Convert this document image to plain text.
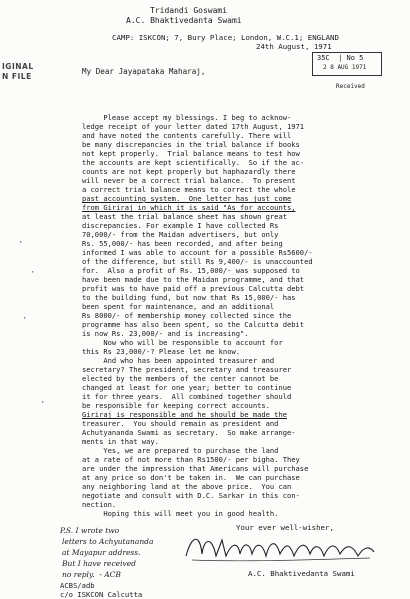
Tridandi Goswami
A.C. Bhaktivedanta Swami
IGINAL
N FILE
CAMP: ISKCON; 7, Bury Place; London, W.C.1; ENGLAND
24th August, 1971
35C  | No 5
2 8 AUG 1971
Received
My Dear Jayapataka Maharaj,
Please accept my blessings. I beg to acknow-
ledge receipt of your letter dated 17th August, 1971
and have noted the contents carefully. There will
be many discrepancies in the trial balance if books
not kept properly.  Trial balance means to test how
the accounts are kept scientifically.  So if the ac-
counts are not kept properly but haphazardly there
will never be a correct trial balance.  To present
a correct trial balance means to correct the whole
past accounting system.  One letter has just come
from Giriraj in which it is said "As for accounts,
at least the trial balance sheet has shown great
discrepancies. For example I have collected Rs
70,000/- from the Maidan advertisers, but only
Rs. 55,000/- has been recorded, and after being
informed I was able to account for a possible Rs5600/-
of the difference, but still Rs 9,400/- is unaccounted
for.  Also a profit of Rs. 15,000/- was supposed to
have been made due to the Maidan programme, and that
profit was to have paid off a previous Calcutta debt
to the building fund, but now that Rs 15,000/- has
been spent for maintenance, and an additional
Rs 8000/- of membership money collected since the
programme has also been spent, so the Calcutta debit
is now Rs. 23,000/- and is increasing".
Now who will be responsible to account for
this Rs 23,000/-? Please let me know.
And who has been appointed treasurer and
secretary? The president, secretary and treasurer
elected by the members of the center cannot be
changed at least for one year; better to continue
it for three years.  All combined together should
be responsible for keeping correct accounts.
Giriraj is responsible and he should be made the
treasurer.  You should remain as president and
Achutyananda Swami as secretary.  So make arrange-
ments in that way.
Yes, we are prepared to purchase the land
at a rate of not more than Rs1500/- per bigha. They
are under the impression that Americans will purchase
at any price so don't be taken in.  We can purchase
any neighboring land at the above price.  You can
negotiate and consult with D.C. Sarkar in this con-
nection.
Hoping this will meet you in good health.
·
·
·
·
Your ever well-wisher,
A.C. Bhaktivedanta Swami
P.S. I wrote two
letters to Achyutananda
at Mayapur address.
But I have received
no reply.  - ACB
ACBS/adb
c/o ISKCON Calcutta
